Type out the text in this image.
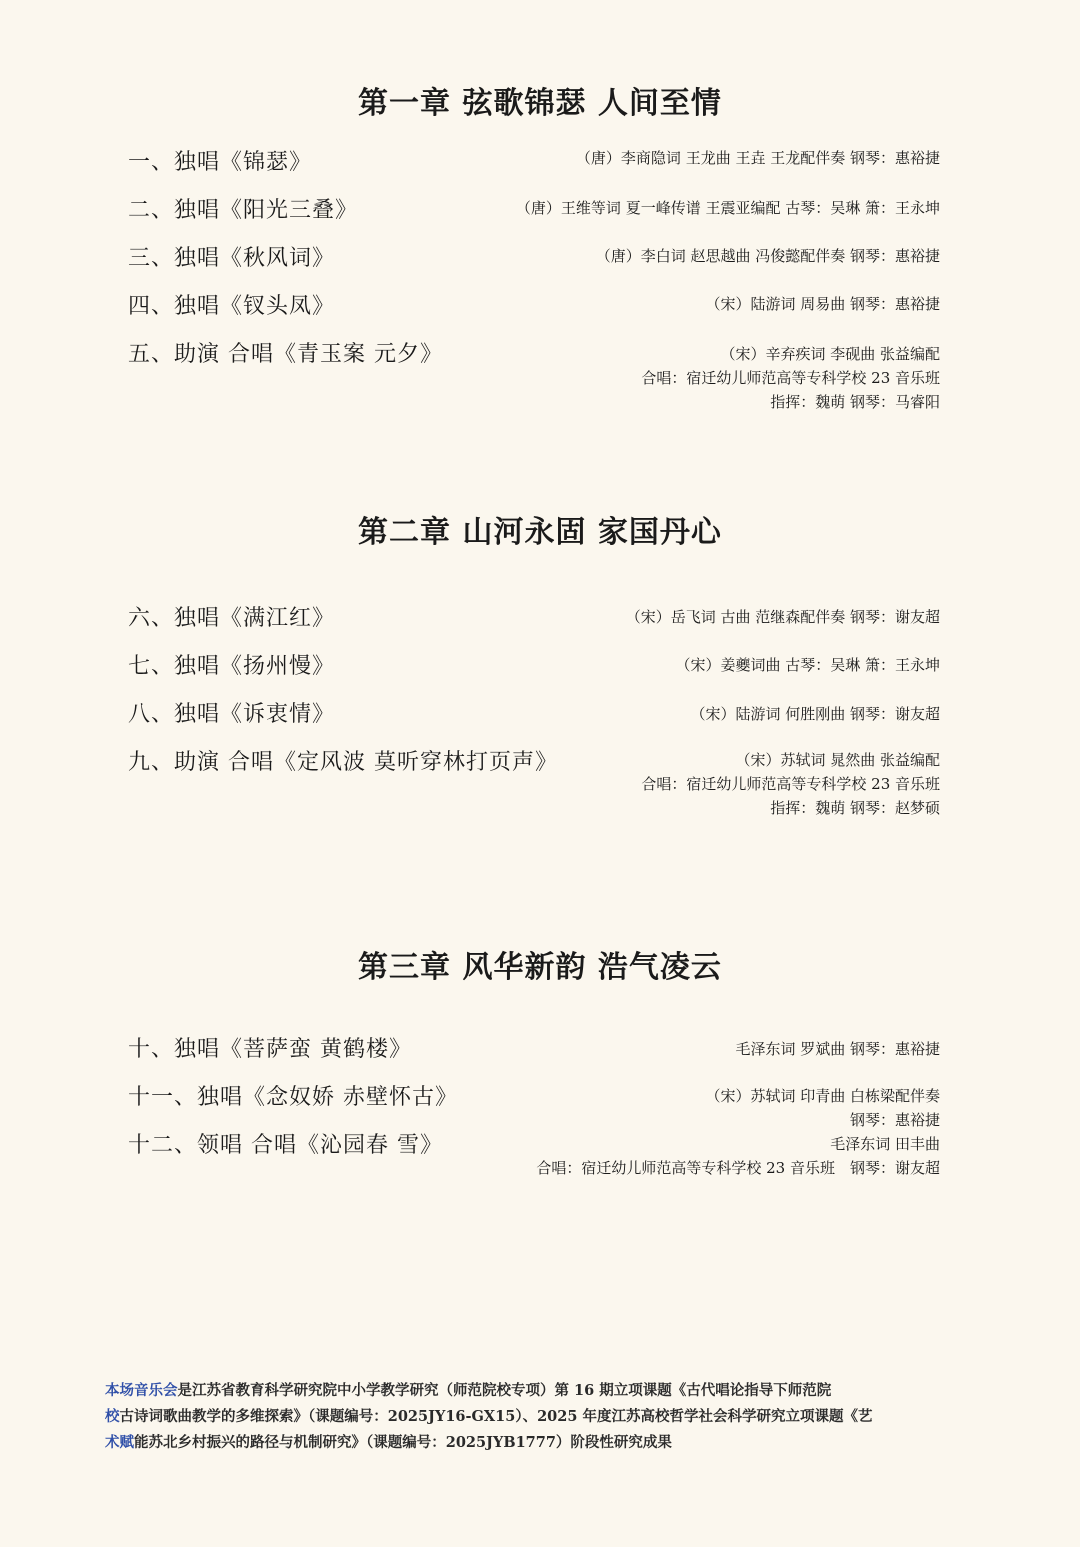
第一章 弦歌锦瑟 人间至情
一、独唱《锦瑟》	（唐）李商隐词 王龙曲 王垚 王龙配伴奏 钢琴：惠裕捷
二、独唱《阳光三叠》	（唐）王维等词 夏一峰传谱 王震亚编配 古琴：吴琳 箫：王永坤
三、独唱《秋风词》	（唐）李白词 赵思越曲 冯俊懿配伴奏 钢琴：惠裕捷
四、独唱《钗头凤》	（宋）陆游词 周易曲 钢琴：惠裕捷
五、助演 合唱《青玉案 元夕》	（宋）辛弃疾词 李砚曲 张益编配
合唱：宿迁幼儿师范高等专科学校 23 音乐班
指挥：魏萌 钢琴：马睿阳
第二章 山河永固 家国丹心
六、独唱《满江红》	（宋）岳飞词 古曲 范继森配伴奏 钢琴：谢友超
七、独唱《扬州慢》	（宋）姜夔词曲 古琴：吴琳 箫：王永坤
八、独唱《诉衷情》	（宋）陆游词 何胜刚曲 钢琴：谢友超
九、助演 合唱《定风波 莫听穿林打页声》	（宋）苏轼词 晁然曲 张益编配
合唱：宿迁幼儿师范高等专科学校 23 音乐班
指挥：魏萌 钢琴：赵梦硕
第三章 风华新韵 浩气凌云
十、独唱《菩萨蛮 黄鹤楼》	毛泽东词 罗斌曲 钢琴：惠裕捷
十一、独唱《念奴娇 赤壁怀古》	（宋）苏轼词 印青曲 白栋梁配伴奏
钢琴：惠裕捷
十二、领唱 合唱《沁园春 雪》	毛泽东词 田丰曲
合唱：宿迁幼儿师范高等专科学校 23 音乐班　钢琴：谢友超
本场音乐会是江苏省教育科学研究院中小学教学研究（师范院校专项）第 16 期立项课题《古代唱论指导下师范院
校古诗词歌曲教学的多维探索》（课题编号：2025JY16-GX15）、2025 年度江苏高校哲学社会科学研究立项课题《艺
术赋能苏北乡村振兴的路径与机制研究》（课题编号：2025JYB1777）阶段性研究成果
